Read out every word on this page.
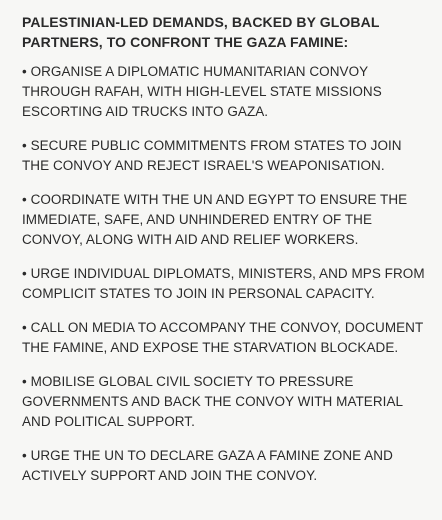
PALESTINIAN-LED DEMANDS, BACKED BY GLOBAL PARTNERS, TO CONFRONT THE GAZA FAMINE:
• ORGANISE A DIPLOMATIC HUMANITARIAN CONVOY THROUGH RAFAH, WITH HIGH-LEVEL STATE MISSIONS ESCORTING AID TRUCKS INTO GAZA.
• SECURE PUBLIC COMMITMENTS FROM STATES TO JOIN THE CONVOY AND REJECT ISRAEL'S WEAPONISATION.
• COORDINATE WITH THE UN AND EGYPT TO ENSURE THE IMMEDIATE, SAFE, AND UNHINDERED ENTRY OF THE CONVOY, ALONG WITH AID AND RELIEF WORKERS.
• URGE INDIVIDUAL DIPLOMATS, MINISTERS, AND MPS FROM COMPLICIT STATES TO JOIN IN PERSONAL CAPACITY.
• CALL ON MEDIA TO ACCOMPANY THE CONVOY, DOCUMENT THE FAMINE, AND EXPOSE THE STARVATION BLOCKADE.
• MOBILISE GLOBAL CIVIL SOCIETY TO PRESSURE GOVERNMENTS AND BACK THE CONVOY WITH MATERIAL AND POLITICAL SUPPORT.
• URGE THE UN TO DECLARE GAZA A FAMINE ZONE AND ACTIVELY SUPPORT AND JOIN THE CONVOY.
